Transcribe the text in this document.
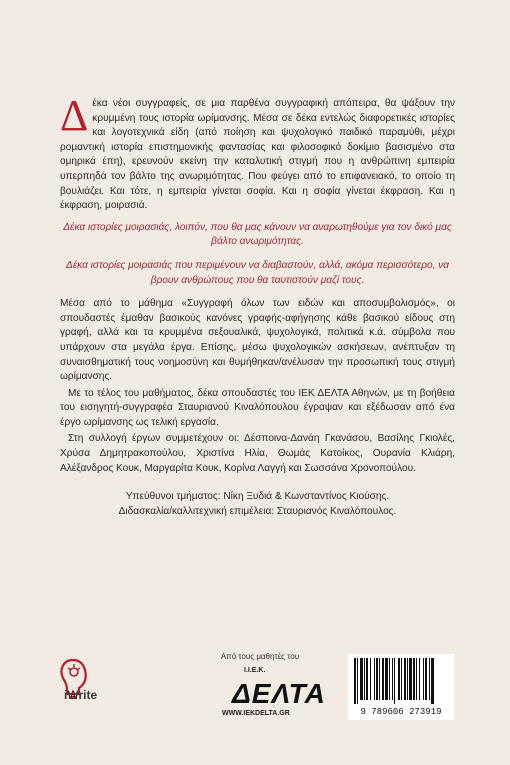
Δέκα νέοι συγγραφείς, σε μια παρθένα συγγραφική απόπειρα, θα ψάξουν την κρυμμένη τους ιστορία ωρίμανσης. Μέσα σε δέκα εντελώς διαφορετικές ιστορίες και λογοτεχνικά είδη (από ποίηση και ψυχολογικό παιδικό παραμύθι, μέχρι ρομαντική ιστορία επιστημονικής φαντασίας και φιλοσοφικό δοκίμιο βασισμένο στα ομηρικά έπη), ερευνούν εκείνη την καταλυτική στιγμή που η ανθρώπινη εμπειρία υπερπηδά τον βάλτο της ανωριμότητας. Που φεύγει από το επιφανειακό, το οποίο τη βουλιάζει. Και τότε, η εμπειρία γίνεται σοφία. Και η σοφία γίνεται έκφραση. Και η έκφραση, μοιρασιά.

Δέκα ιστορίες μοιρασιάς, λοιπόν, που θα μας κάνουν να αναρωτηθούμε για τον δικό μας βάλτο ανωριμότητας.

Δέκα ιστορίες μοιρασιάς που περιμένουν να διαβαστούν, αλλά, ακόμα περισσότερο, να βρουν ανθρώπους που θα ταυτιστούν μαζί τους.

Μέσα από το μάθημα «Συγγραφή όλων των ειδών και αποσυμβολισμός», οι σπουδαστές έμαθαν βασικούς κανόνες γραφής-αφήγησης κάθε βασικού είδους στη γραφή, αλλά και τα κρυμμένα σεξουαλικά, ψυχολογικά, πολιτικά κ.ά. σύμβολα που υπάρχουν στα μεγάλα έργα. Επίσης, μέσω ψυχολογικών ασκήσεων, ανέπτυξαν τη συναισθηματική τους νοημοσύνη και θυμήθηκαν/ανέλυσαν την προσωπική τους στιγμή ωρίμανσης.

Με το τέλος του μαθήματος, δέκα σπουδαστές του ΙΕΚ ΔΕΛΤΑ Αθηνών, με τη βοήθεια του εισηγητή-συγγραφέα Σταυριανού Κιναλόπουλου έγραψαν και εξέδωσαν από ένα έργο ωρίμανσης ως τελική εργασία.

Στη συλλογή έργων συμμετέχουν οι: Δέσποινα-Δανάη Γκανάσου, Βασίλης Γκιολές, Χρύσα Δημητρακοπούλου, Χριστίνα Ηλία, Θωμάς Κατοίκος, Ουρανία Κλιάρη, Αλέξανδρος Κουκ, Μαργαρίτα Κουκ, Κορίνα Λαγγή και Σωσσάνα Χρονοπούλου.

Υπεύθυνοι τμήματος: Νίκη Ξυδιά & Κωνσταντίνος Κιούσης.
Διδασκαλία/καλλιτεχνική επιμέλεια: Σταυριανός Κιναλόπουλος.
iWrite
Από τους μαθητές του
Ι.Ι.Ε.Κ.
ΔΕΛΤΑ
WWW.IEKDELTA.GR	9 789606 273919
